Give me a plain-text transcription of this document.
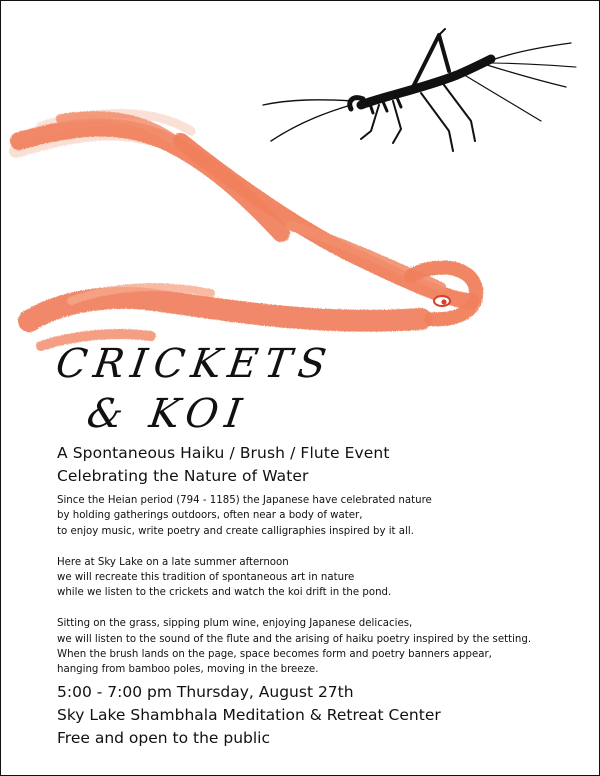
CRICKETS
& KOI
A Spontaneous Haiku / Brush / Flute Event
Celebrating the Nature of Water
Since the Heian period (794 - 1185) the Japanese have celebrated nature
by holding gatherings outdoors, often near a body of water,
to enjoy music, write poetry and create calligraphies inspired by it all.
Here at Sky Lake on a late summer afternoon
we will recreate this tradition of spontaneous art in nature
while we listen to the crickets and watch the koi drift in the pond.
Sitting on the grass, sipping plum wine, enjoying Japanese delicacies,
we will listen to the sound of the flute and the arising of haiku poetry inspired by the setting.
When the brush lands on the page, space becomes form and poetry banners appear,
hanging from bamboo poles, moving in the breeze.
5:00 - 7:00 pm Thursday, August 27th
Sky Lake Shambhala Meditation & Retreat Center
Free and open to the public
